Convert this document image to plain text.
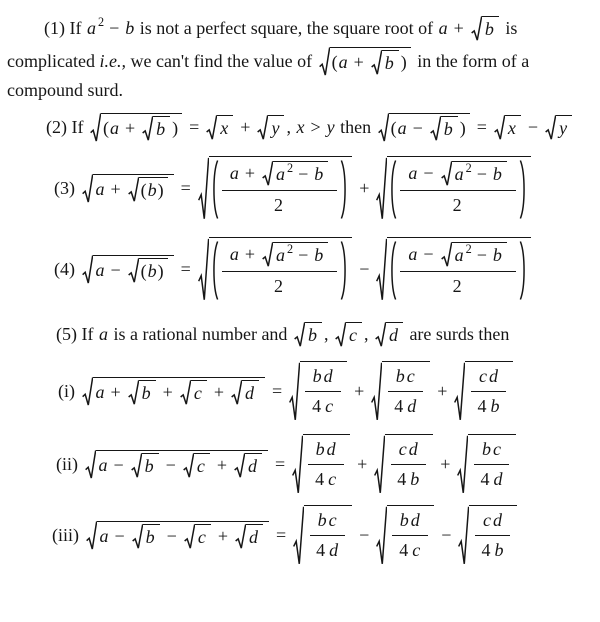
(1) If a 2 − b is not a perfect square, the square root of a + b is
complicated i.e., we can't find the value of ( a + b ) in the form of a
compound surd.
(2) If ( a + b ) = x + y , x > y then ( a − b ) = x − y
(3) a + ( b ) = $\frac{a + a 2 - b}{2} + \frac{a - a 2 - b}{2}$
(4) a − ( b ) = $\frac{a + a 2 - b}{2} - \frac{a - a 2 - b}{2}$
(5) If a is a rational number and b , c , d are surds then
(i) $a + b + c + d = \frac{\text{b d}}{4 c} + \frac{\text{b c}}{4 d} + \frac{\text{c d}}{4 b}$
(ii) $a - b - c + d = \frac{\text{b d}}{4 c} + \frac{\text{c d}}{4 b} + \frac{\text{b c}}{4 d}$
(iii) $a - b - c + d = \frac{\text{b c}}{4 d} - \frac{\text{b d}}{4 c} - \frac{\text{c d}}{4 b}$
